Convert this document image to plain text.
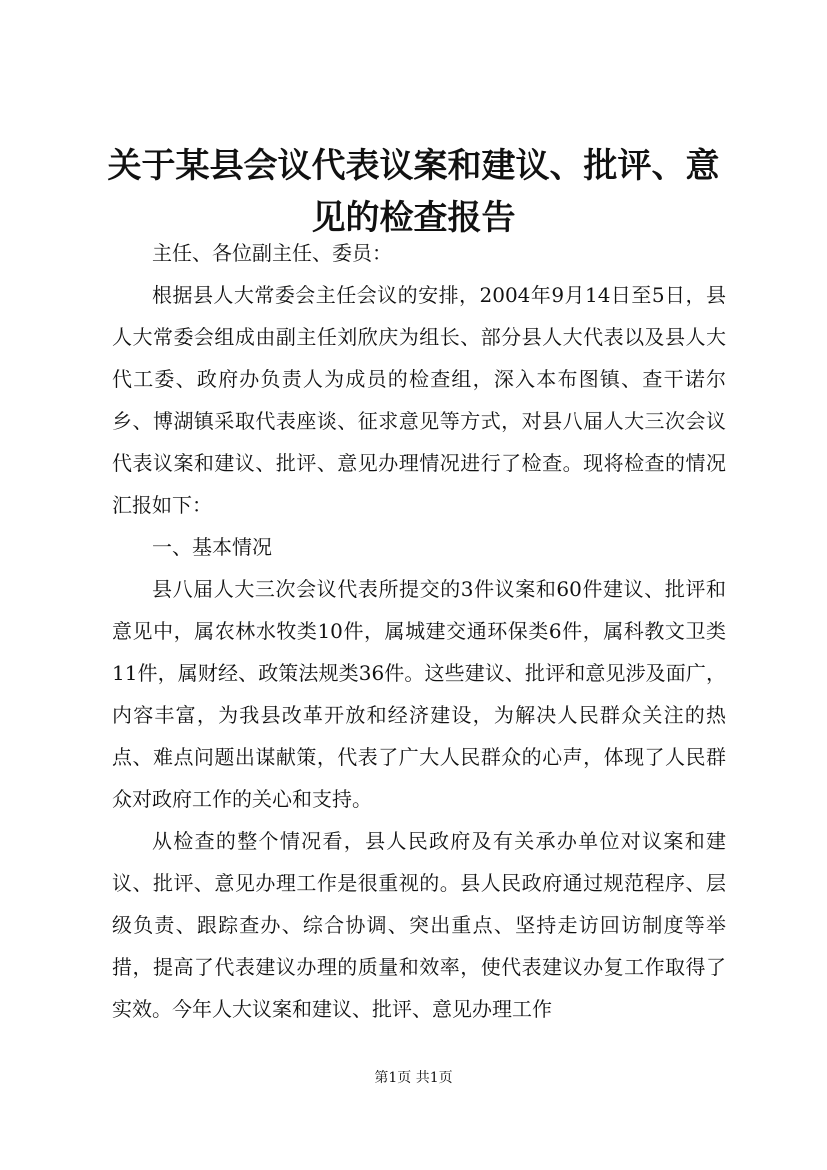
关于某县会议代表议案和建议、批评、意见的检查报告

主任、各位副主任、委员：

根据县人大常委会主任会议的安排，2004年9月14日至5日，县人大常委会组成由副主任刘欣庆为组长、部分县人大代表以及县人大代工委、政府办负责人为成员的检查组，深入本布图镇、查干诺尔乡、博湖镇采取代表座谈、征求意见等方式，对县八届人大三次会议代表议案和建议、批评、意见办理情况进行了检查。现将检查的情况汇报如下：

一、基本情况

县八届人大三次会议代表所提交的3件议案和60件建议、批评和意见中，属农林水牧类10件，属城建交通环保类6件，属科教文卫类11件，属财经、政策法规类36件。这些建议、批评和意见涉及面广，内容丰富，为我县改革开放和经济建设，为解决人民群众关注的热点、难点问题出谋献策，代表了广大人民群众的心声，体现了人民群众对政府工作的关心和支持。

从检查的整个情况看，县人民政府及有关承办单位对议案和建议、批评、意见办理工作是很重视的。县人民政府通过规范程序、层级负责、跟踪查办、综合协调、突出重点、坚持走访回访制度等举措，提高了代表建议办理的质量和效率，使代表建议办复工作取得了实效。今年人大议案和建议、批评、意见办理工作

第1页 共1页
